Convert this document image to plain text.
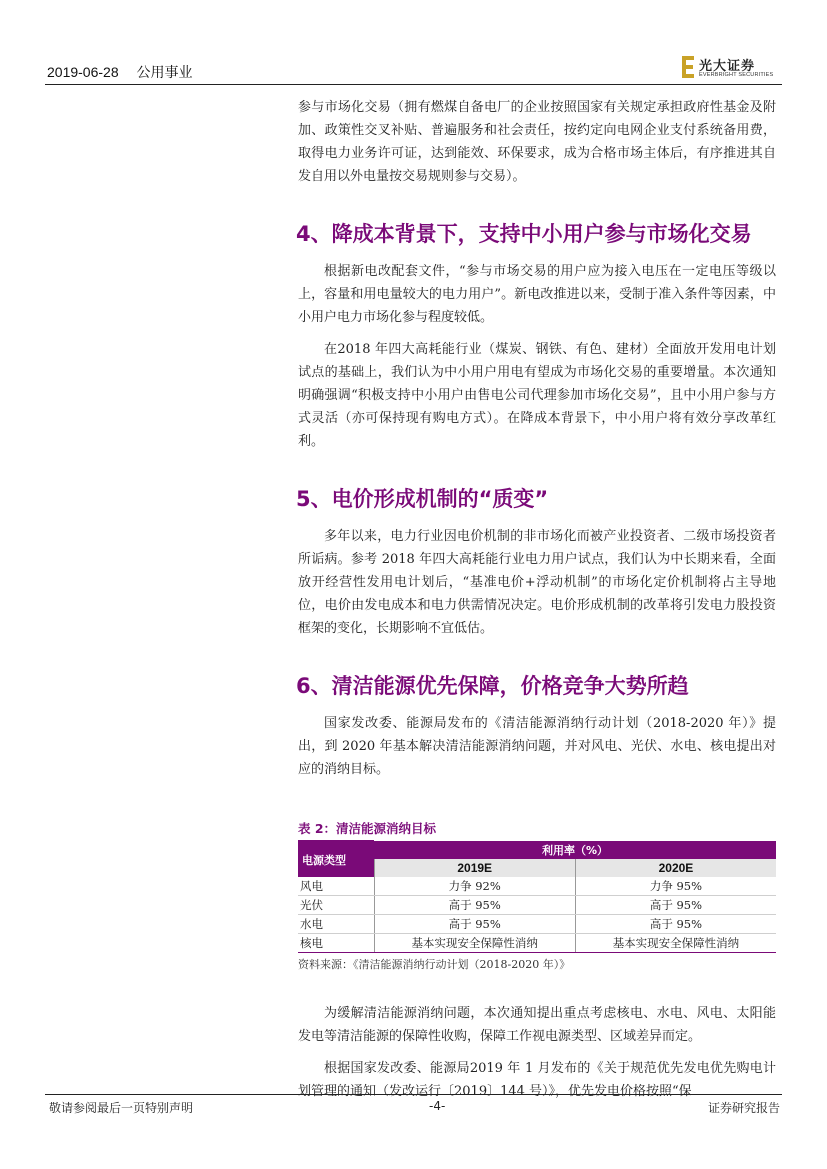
2019-06-28 公用事业	光大证券
EVERBRIGHT SECURITIES

参与市场化交易（拥有燃煤自备电厂的企业按照国家有关规定承担政府性基金及附加、政策性交叉补贴、普遍服务和社会责任，按约定向电网企业支付系统备用费，取得电力业务许可证，达到能效、环保要求，成为合格市场主体后，有序推进其自发自用以外电量按交易规则参与交易）。

4、降成本背景下，支持中小用户参与市场化交易

根据新电改配套文件，“参与市场交易的用户应为接入电压在一定电压等级以上，容量和用电量较大的电力用户”。新电改推进以来，受制于准入条件等因素，中小用户电力市场化参与程度较低。

在2018 年四大高耗能行业（煤炭、钢铁、有色、建材）全面放开发用电计划试点的基础上，我们认为中小用户用电有望成为市场化交易的重要增量。本次通知明确强调“积极支持中小用户由售电公司代理参加市场化交易”，且中小用户参与方式灵活（亦可保持现有购电方式）。在降成本背景下，中小用户将有效分享改革红利。

5、电价形成机制的“质变”

多年以来，电力行业因电价机制的非市场化而被产业投资者、二级市场投资者所诟病。参考 2018 年四大高耗能行业电力用户试点，我们认为中长期来看，全面放开经营性发用电计划后，“基准电价+浮动机制”的市场化定价机制将占主导地位，电价由发电成本和电力供需情况决定。电价形成机制的改革将引发电力股投资框架的变化，长期影响不宜低估。

6、清洁能源优先保障，价格竞争大势所趋

国家发改委、能源局发布的《清洁能源消纳行动计划（2018-2020 年）》提出，到 2020 年基本解决清洁能源消纳问题，并对风电、光伏、水电、核电提出对应的消纳目标。

表 2：清洁能源消纳目标
电源类型	利用率（%）	
	2019E	2020E
风电	力争 92%	力争 95%
光伏	高于 95%	高于 95%
水电	高于 95%	高于 95%
核电	基本实现安全保障性消纳	基本实现安全保障性消纳
资料来源：《清洁能源消纳行动计划（2018-2020 年）》

为缓解清洁能源消纳问题，本次通知提出重点考虑核电、水电、风电、太阳能发电等清洁能源的保障性收购，保障工作视电源类型、区域差异而定。

根据国家发改委、能源局2019 年 1 月发布的《关于规范优先发电优先购电计划管理的通知（发改运行〔2019〕144 号）》，优先发电价格按照“保

敬请参阅最后一页特别声明	-4-	证券研究报告
